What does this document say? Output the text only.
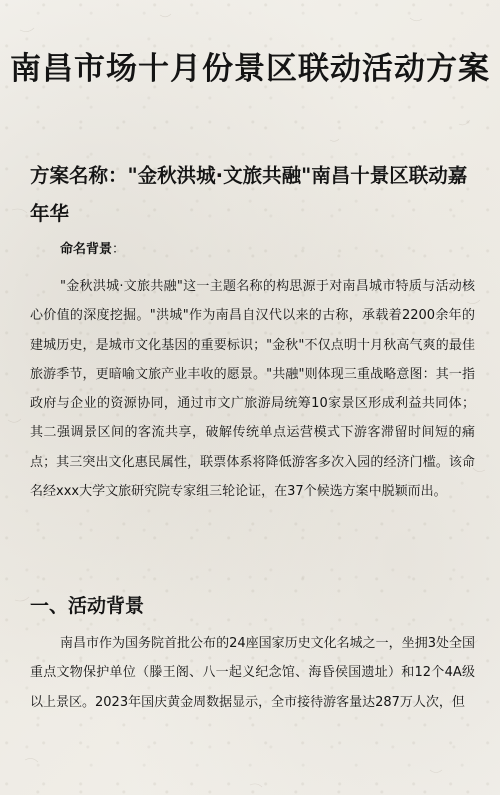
南昌市场十月份景区联动活动方案
方案名称："金秋洪城·文旅共融"南昌十景区联动嘉年华

命名背景：

"金秋洪城·文旅共融"这一主题名称的构思源于对南昌城市特质与活动核心价值的深度挖掘。"洪城"作为南昌自汉代以来的古称，承载着2200余年的建城历史，是城市文化基因的重要标识；"金秋"不仅点明十月秋高气爽的最佳旅游季节，更暗喻文旅产业丰收的愿景。"共融"则体现三重战略意图：其一指政府与企业的资源协同，通过市文广旅游局统筹10家景区形成利益共同体；其二强调景区间的客流共享，破解传统单点运营模式下游客滞留时间短的痛点；其三突出文化惠民属性，联票体系将降低游客多次入园的经济门槛。该命名经xxx大学文旅研究院专家组三轮论证，在37个候选方案中脱颖而出。

一、活动背景

南昌市作为国务院首批公布的24座国家历史文化名城之一，坐拥3处全国重点文物保护单位（滕王阁、八一起义纪念馆、海昏侯国遗址）和12个4A级以上景区。2023年国庆黄金周数据显示，全市接待游客量达287万人次，但
